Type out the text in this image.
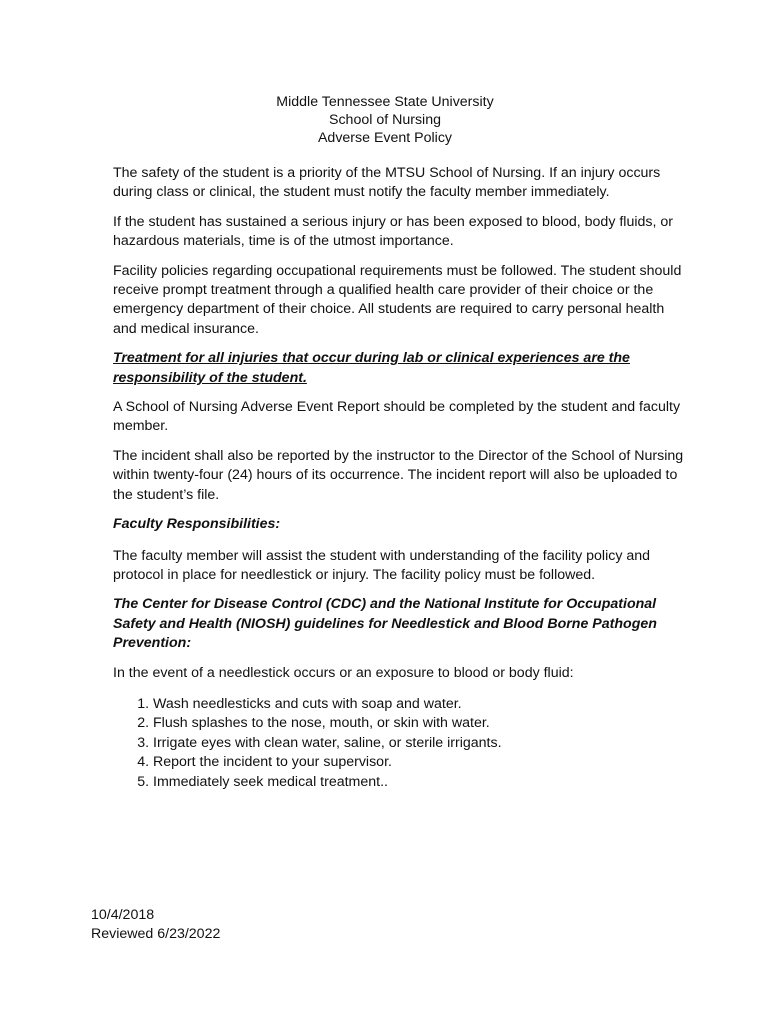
Middle Tennessee State University
School of Nursing
Adverse Event Policy

The safety of the student is a priority of the MTSU School of Nursing. If an injury occurs during class or clinical, the student must notify the faculty member immediately.

If the student has sustained a serious injury or has been exposed to blood, body fluids, or hazardous materials, time is of the utmost importance.

Facility policies regarding occupational requirements must be followed. The student should receive prompt treatment through a qualified health care provider of their choice or the emergency department of their choice. All students are required to carry personal health and medical insurance.

Treatment for all injuries that occur during lab or clinical experiences are the responsibility of the student.

A School of Nursing Adverse Event Report should be completed by the student and faculty member.

The incident shall also be reported by the instructor to the Director of the School of Nursing within twenty-four (24) hours of its occurrence. The incident report will also be uploaded to the student’s file.

Faculty Responsibilities:

The faculty member will assist the student with understanding of the facility policy and protocol in place for needlestick or injury. The facility policy must be followed.

The Center for Disease Control (CDC) and the National Institute for Occupational Safety and Health (NIOSH) guidelines for Needlestick and Blood Borne Pathogen Prevention:

In the event of a needlestick occurs or an exposure to blood or body fluid:

1. Wash needlesticks and cuts with soap and water.
2. Flush splashes to the nose, mouth, or skin with water.
3. Irrigate eyes with clean water, saline, or sterile irrigants.
4. Report the incident to your supervisor.
5. Immediately seek medical treatment..
10/4/2018
Reviewed 6/23/2022
